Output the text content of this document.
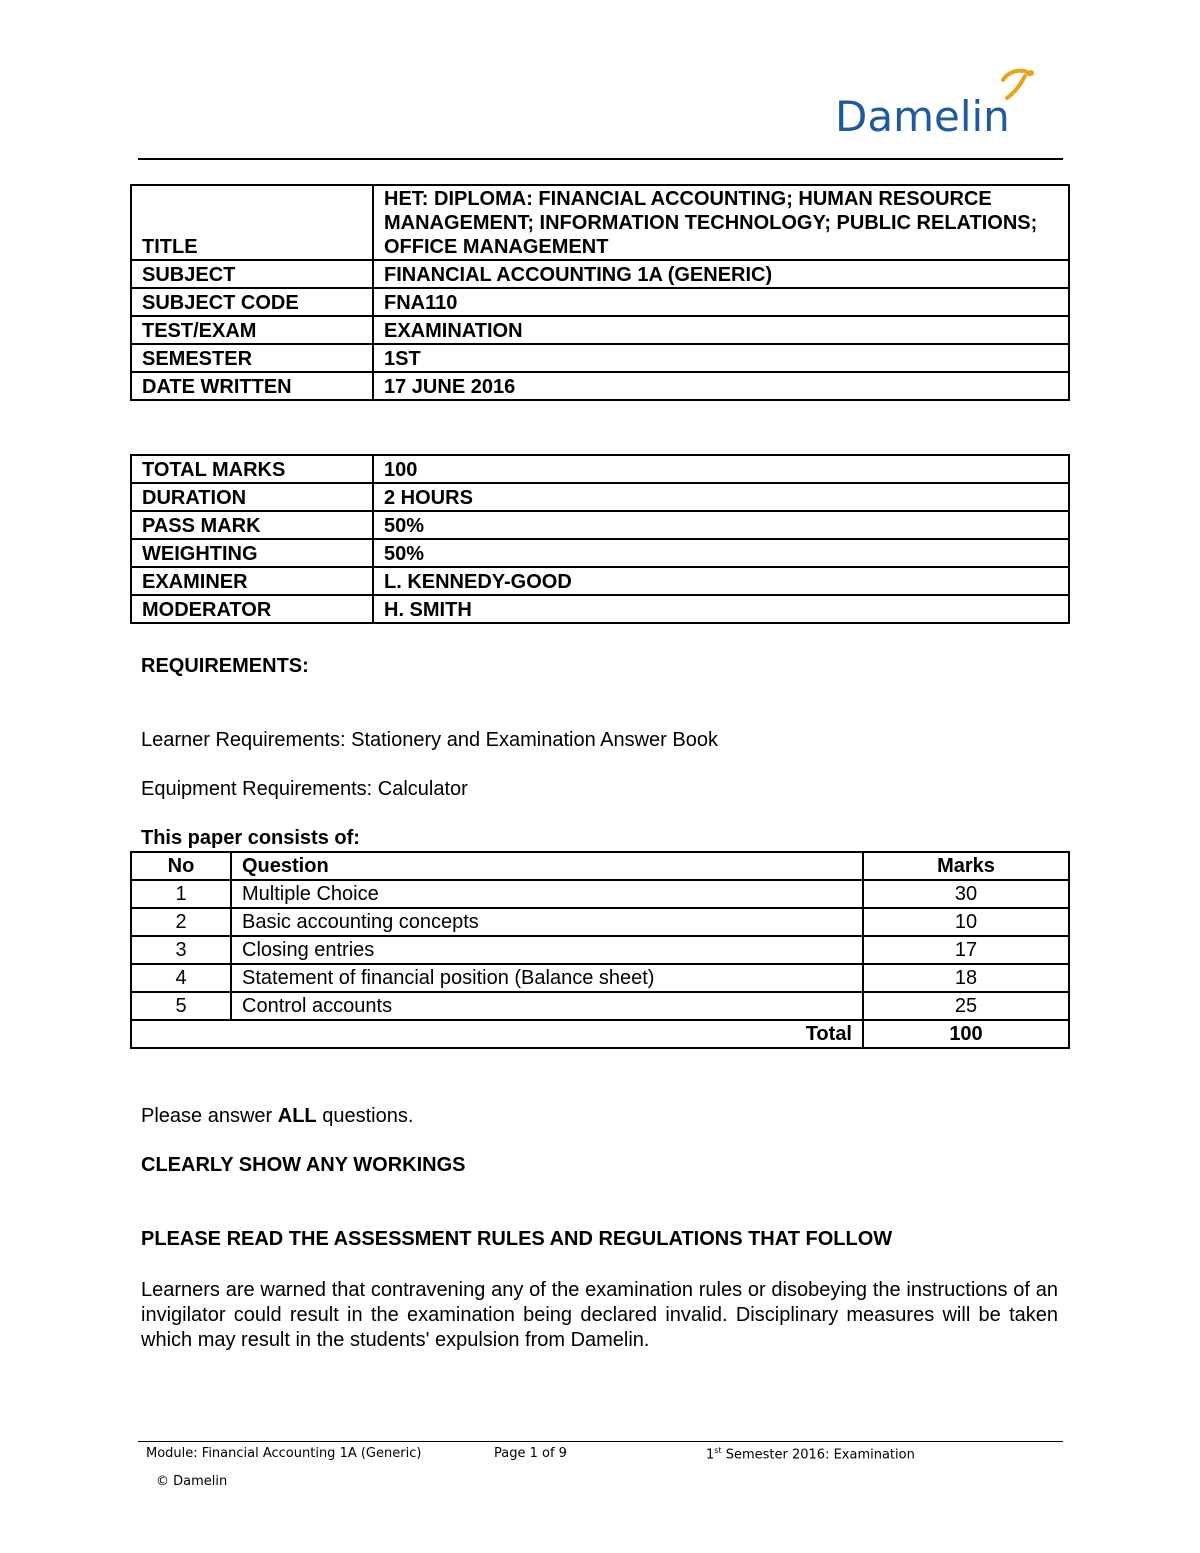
Damelin
TITLE	HET: DIPLOMA: FINANCIAL ACCOUNTING; HUMAN RESOURCE MANAGEMENT; INFORMATION TECHNOLOGY; PUBLIC RELATIONS; OFFICE MANAGEMENT
SUBJECT	FINANCIAL ACCOUNTING 1A (GENERIC)
SUBJECT CODE	FNA110
TEST/EXAM	EXAMINATION
SEMESTER	1ST
DATE WRITTEN	17 JUNE 2016
TOTAL MARKS	100
DURATION	2 HOURS
PASS MARK	50%
WEIGHTING	50%
EXAMINER	L. KENNEDY-GOOD
MODERATOR	H. SMITH
REQUIREMENTS:
Learner Requirements: Stationery and Examination Answer Book
Equipment Requirements: Calculator
This paper consists of:
No	Question	Marks
1	Multiple Choice	30
2	Basic accounting concepts	10
3	Closing entries	17
4	Statement of financial position (Balance sheet)	18
5	Control accounts	25
Total		100
Please answer ALL questions.
CLEARLY SHOW ANY WORKINGS
PLEASE READ THE ASSESSMENT RULES AND REGULATIONS THAT FOLLOW
Learners are warned that contravening any of the examination rules or disobeying the instructions of an invigilator could result in the examination being declared invalid. Disciplinary measures will be taken which may result in the students' expulsion from Damelin.
Module: Financial Accounting 1A (Generic)	Page 1 of 9	1st Semester 2016: Examination
© Damelin
